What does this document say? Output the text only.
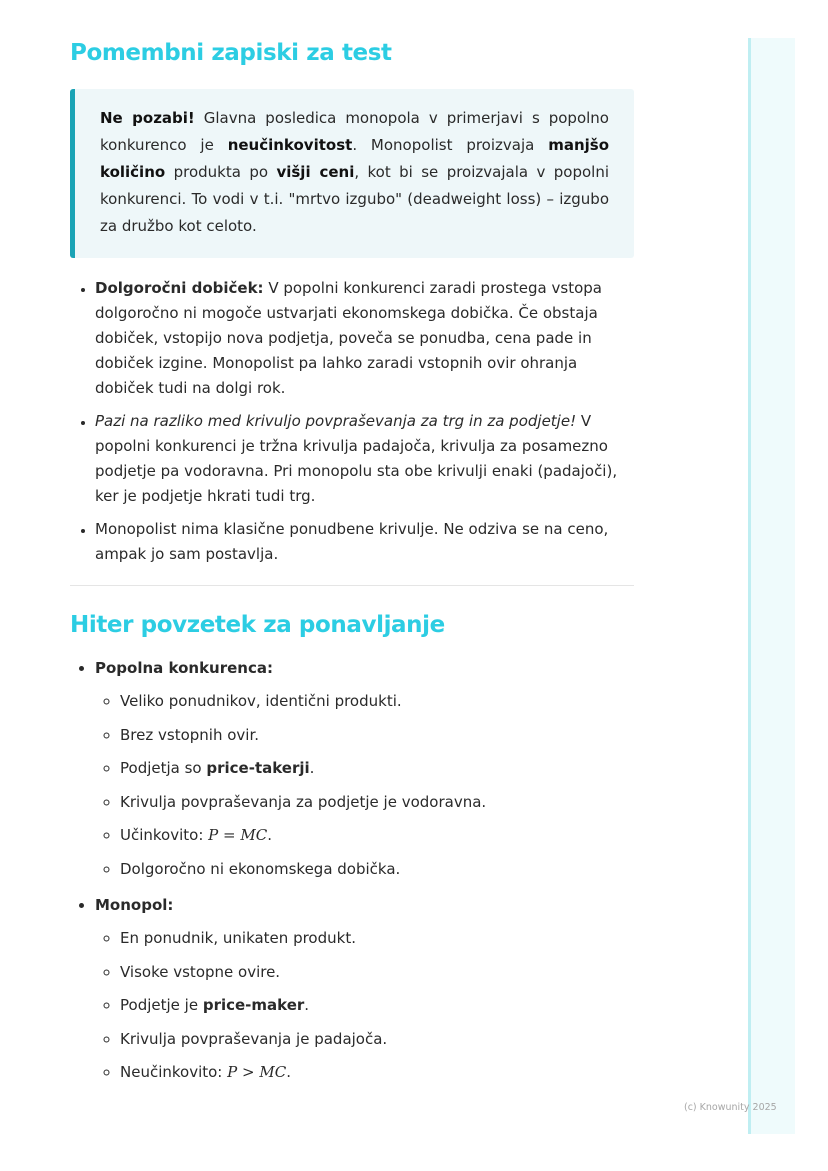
(c) Knowunity 2025
Pomembni zapiski za test
Ne pozabi! Glavna posledica monopola v primerjavi s popolno konkurenco je neučinkovitost. Monopolist proizvaja manjšo količino produkta po višji ceni, kot bi se proizvajala v popolni konkurenci. To vodi v t.i. "mrtvo izgubo" (deadweight loss) – izgubo za družbo kot celoto.
• Dolgoročni dobiček: V popolni konkurenci zaradi prostega vstopa dolgoročno ni mogoče ustvarjati ekonomskega dobička. Če obstaja dobiček, vstopijo nova podjetja, poveča se ponudba, cena pade in dobiček izgine. Monopolist pa lahko zaradi vstopnih ovir ohranja dobiček tudi na dolgi rok.
• Pazi na razliko med krivuljo povpraševanja za trg in za podjetje! V popolni konkurenci je tržna krivulja padajoča, krivulja za posamezno podjetje pa vodoravna. Pri monopolu sta obe krivulji enaki (padajoči), ker je podjetje hkrati tudi trg.
• Monopolist nima klasične ponudbene krivulje. Ne odziva se na ceno, ampak jo sam postavlja.
Hiter povzetek za ponavljanje
• Popolna konkurenca:
◦ Veliko ponudnikov, identični produkti.
◦ Brez vstopnih ovir.
◦ Podjetja so price-takerji.
◦ Krivulja povpraševanja za podjetje je vodoravna.
◦ Učinkovito: P = MC.
◦ Dolgoročno ni ekonomskega dobička.
• Monopol:
◦ En ponudnik, unikaten produkt.
◦ Visoke vstopne ovire.
◦ Podjetje je price-maker.
◦ Krivulja povpraševanja je padajoča.
◦ Neučinkovito: P > MC.
